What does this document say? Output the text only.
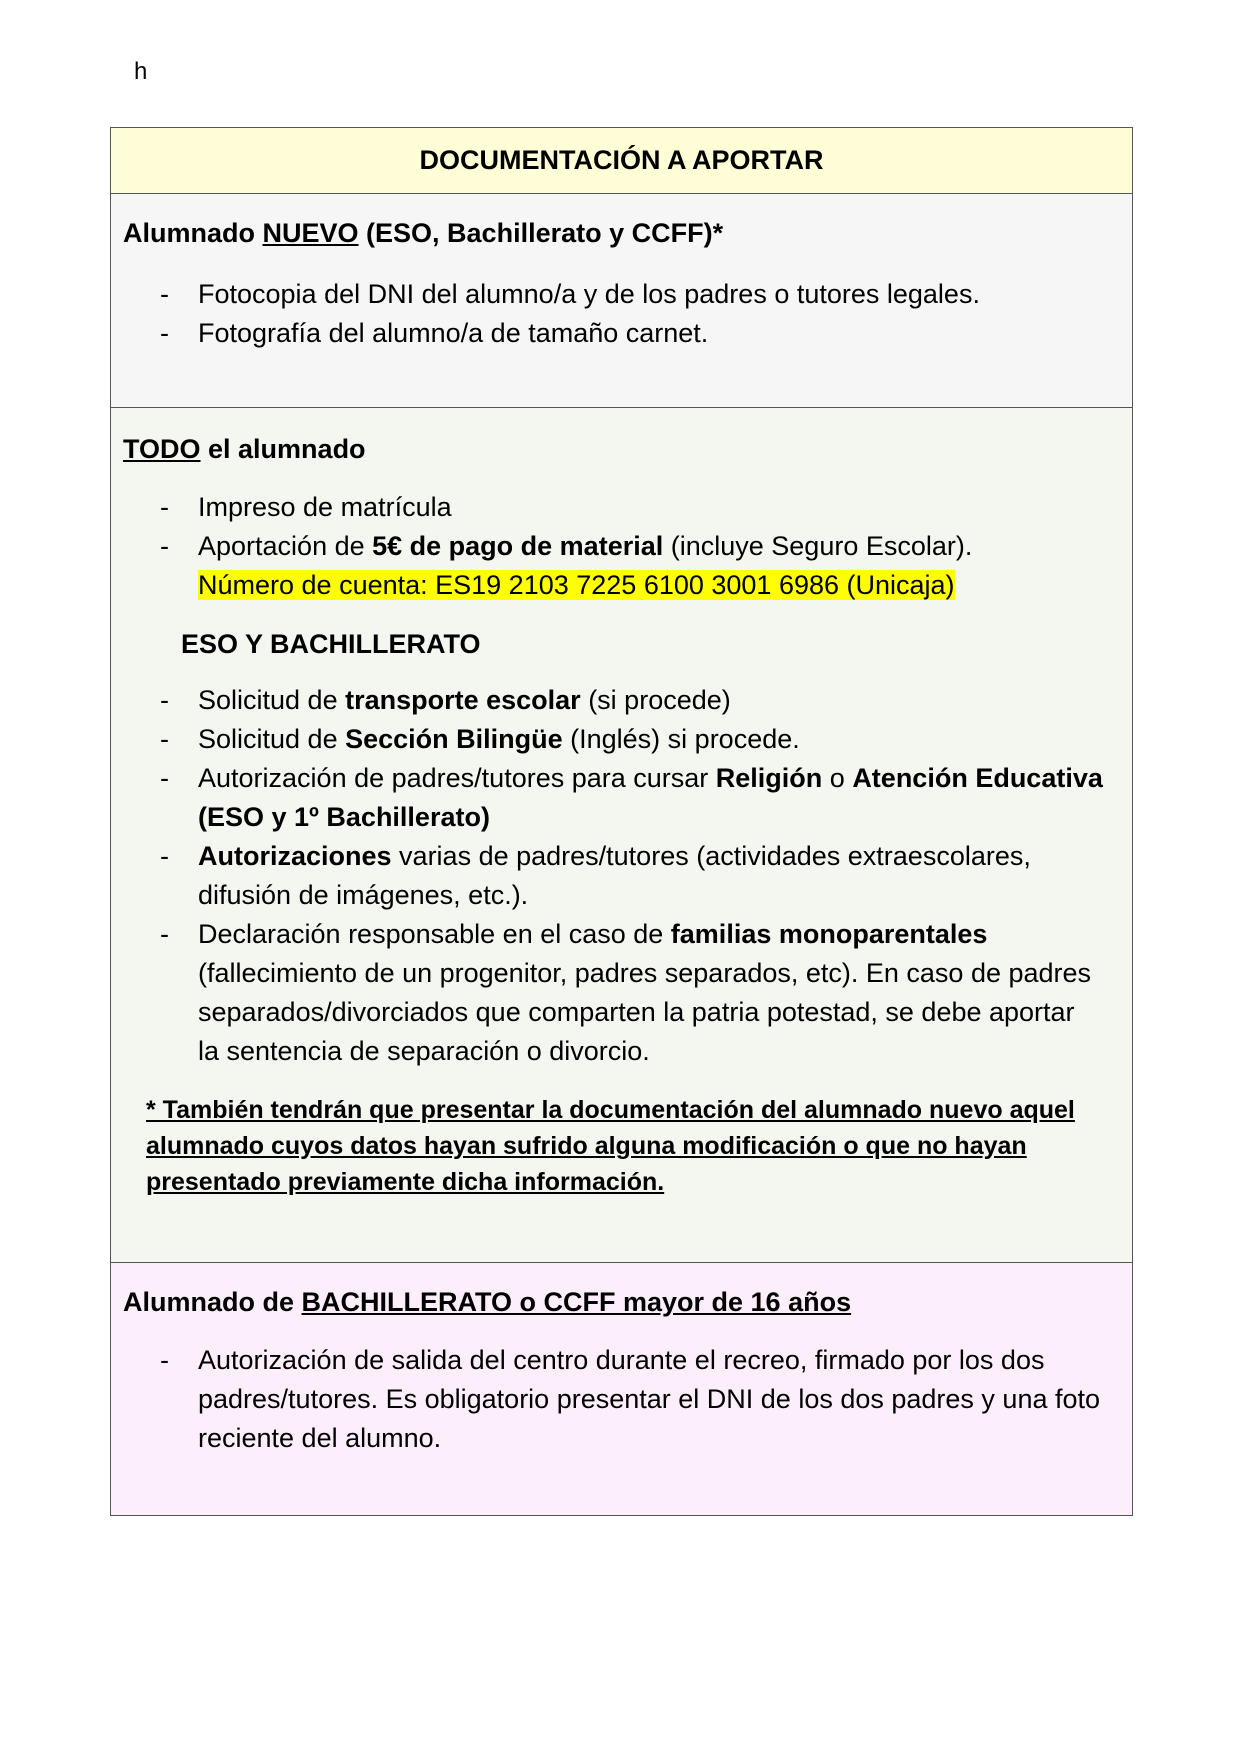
h
DOCUMENTACIÓN A APORTAR
Alumnado NUEVO (ESO, Bachillerato y CCFF)*
- Fotocopia del DNI del alumno/a y de los padres o tutores legales.
- Fotografía del alumno/a de tamaño carnet.
TODO el alumnado
- Impreso de matrícula
- Aportación de 5€ de pago de material (incluye Seguro Escolar).
Número de cuenta: ES19 2103 7225 6100 3001 6986 (Unicaja)
ESO Y BACHILLERATO
- Solicitud de transporte escolar (si procede)
- Solicitud de Sección Bilingüe (Inglés) si procede.
- Autorización de padres/tutores para cursar Religión o Atención Educativa (ESO y 1º Bachillerato)
- Autorizaciones varias de padres/tutores (actividades extraescolares, difusión de imágenes, etc.).
- Declaración responsable en el caso de familias monoparentales (fallecimiento de un progenitor, padres separados, etc). En caso de padres separados/divorciados que comparten la patria potestad, se debe aportar la sentencia de separación o divorcio.
* También tendrán que presentar la documentación del alumnado nuevo aquel alumnado cuyos datos hayan sufrido alguna modificación o que no hayan presentado previamente dicha información.
Alumnado de BACHILLERATO o CCFF mayor de 16 años
- Autorización de salida del centro durante el recreo, firmado por los dos padres/tutores. Es obligatorio presentar el DNI de los dos padres y una foto reciente del alumno.
